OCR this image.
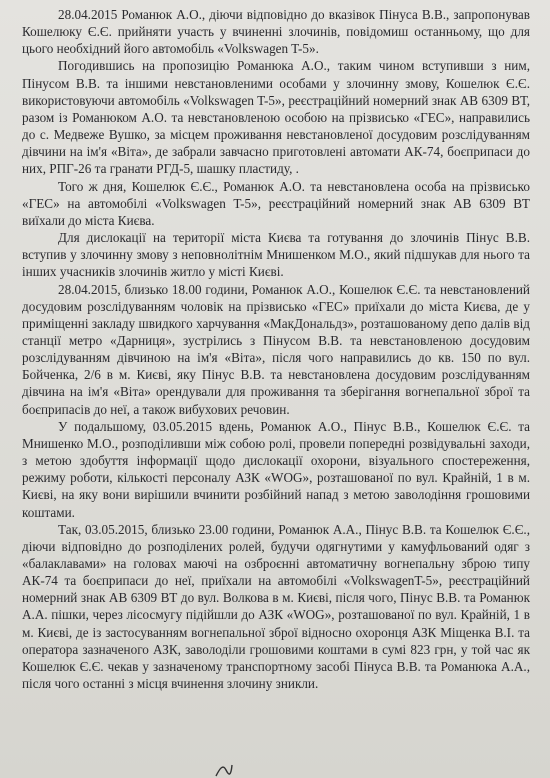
28.04.2015 Романюк А.О., діючи відповідно до вказівок Пінуса В.В., запропонував Кошелюку Є.Є. прийняти участь у вчиненні злочинів, повідомиш останньому, що для цього необхідний його автомобіль «Volkswagen T-5».

Погодившись на пропозицію Романюка А.О., таким чином вступивши з ним, Пінусом В.В. та іншими невстановленими особами у злочинну змову, Кошелюк Є.Є. використовуючи автомобіль «Volkswagen T-5», реєстраційний номерний знак АВ 6309 ВТ, разом із Романюком А.О. та невстановленою особою на прізвисько «ГЕС», направились до с. Медвеже Вушко, за місцем проживання невстановленої досудовим розслідуванням дівчини на ім'я «Віта», де забрали завчасно приготовлені автомати АК-74, боєприпаси до них, РПГ-26 та гранати РГД-5, шашку пластиду, .

Того ж дня, Кошелюк Є.Є., Романюк А.О. та невстановлена особа на прізвисько «ГЕС» на автомобілі «Volkswagen T-5», реєстраційний номерний знак АВ 6309 ВТ виїхали до міста Києва.

Для дислокації на території міста Києва та готування до злочинів Пінус В.В. вступив у злочинну змову з неповнолітнім Мнишенком М.О., який підшукав для нього та інших учасників злочинів житло у місті Києві.

28.04.2015, близько 18.00 години, Романюк А.О., Кошелюк Є.Є. та невстановлений досудовим розслідуванням чоловік на прізвисько «ГЕС» приїхали до міста Києва, де у приміщенні закладу швидкого харчування «МакДональдз», розташованому депо далів від станції метро «Дарниця», зустрілись з Пінусом В.В. та невстановленою досудовим розслідуванням дівчиною на ім'я «Віта», після чого направились до кв. 150 по вул. Бойченка, 2/6 в м. Києві, яку Пінус В.В. та невстановлена досудовим розслідуванням дівчина на ім'я «Віта» орендували для проживання та зберігання вогнепальної зброї та боєприпасів до неї, а також вибухових речовин.

У подальшому, 03.05.2015 вдень, Романюк А.О., Пінус В.В., Кошелюк Є.Є. та Мнишенко М.О., розподіливши між собою ролі, провели попередні розвідувальні заходи, з метою здобуття інформації щодо дислокації охорони, візуального спостереження, режиму роботи, кількості персоналу АЗК «WOG», розташованої по вул. Крайній, 1 в м. Києві, на яку вони вирішили вчинити розбійний напад з метою заволодіння грошовими коштами.

Так, 03.05.2015, близько 23.00 години, Романюк А.А., Пінус В.В. та Кошелюк Є.Є., діючи відповідно до розподілених ролей, будучи одягнутими у камуфльований одяг з «балаклавами» на головах маючі на озброєнні автоматичну вогнепальну зброю типу АК-74 та боєприпаси до неї, приїхали на автомобілі «VolkswagenT-5», реєстраційний номерний знак АВ 6309 ВТ до вул. Волкова в м. Києві, після чого, Пінус В.В. та Романюк А.А. пішки, через лісосмугу підійшли до АЗК «WOG», розташованої по вул. Крайній, 1 в м. Києві, де із застосуванням вогнепальної зброї відносно охоронця АЗК Міщенка В.І. та оператора зазначеного АЗК, заволоділи грошовими коштами в сумі 823 грн, у той час як Кошелюк Є.Є. чекав у зазначеному транспортному засобі Пінуса В.В. та Романюка А.А., після чого останні з місця вчинення злочину зникли.
